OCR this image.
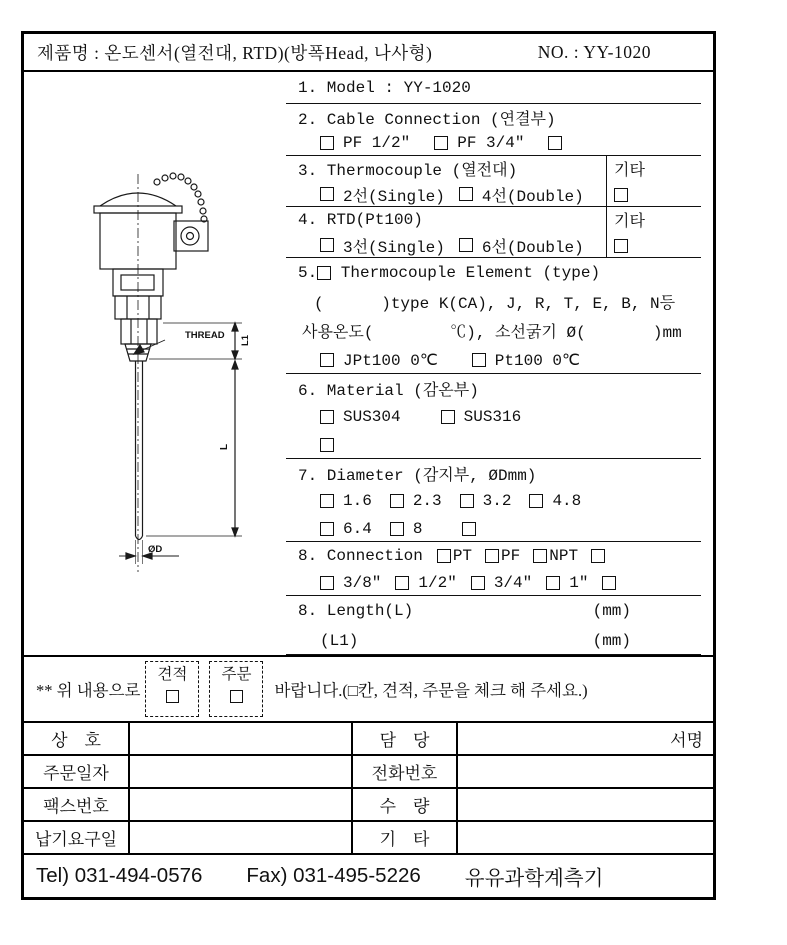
제품명 : 온도센서(열전대, RTD)(방폭Head, 나사형)	NO. : YY-1020
THREAD L1
L
ØD
1. Model : YY-1020
2. Cable Connection (연결부)
PF 1/2"	PF 3/4"
3. Thermocouple (열전대)
2선(Single) 4선(Double)
기타
4. RTD(Pt100)
3선(Single) 6선(Double)
기타
5. Thermocouple Element (type)
(      )type K(CA), J, R, T, E, B, N등
사용온도(        ℃), 소선굵기 Ø(       )mm
JPt100 0℃	Pt100 0℃
6. Material (감온부)
SUS304	SUS316
7. Diameter (감지부, ØDmm)
1.6	2.3	3.2	4.8
6.4	8
8. Connection PT PF NPT
3/8" 1/2" 3/4" 1"
8. Length(L)	(mm)
(L1)	(mm)
** 위 내용으로
견적 주문
바랍니다.(□칸, 견적, 주문을 체크 해 주세요.)
상    호	담    당	서명
주문일자	전화번호
팩스번호	수    량
납기요구일	기    타
Tel) 031-494-0576 Fax) 031-495-5226 유유과학계측기
